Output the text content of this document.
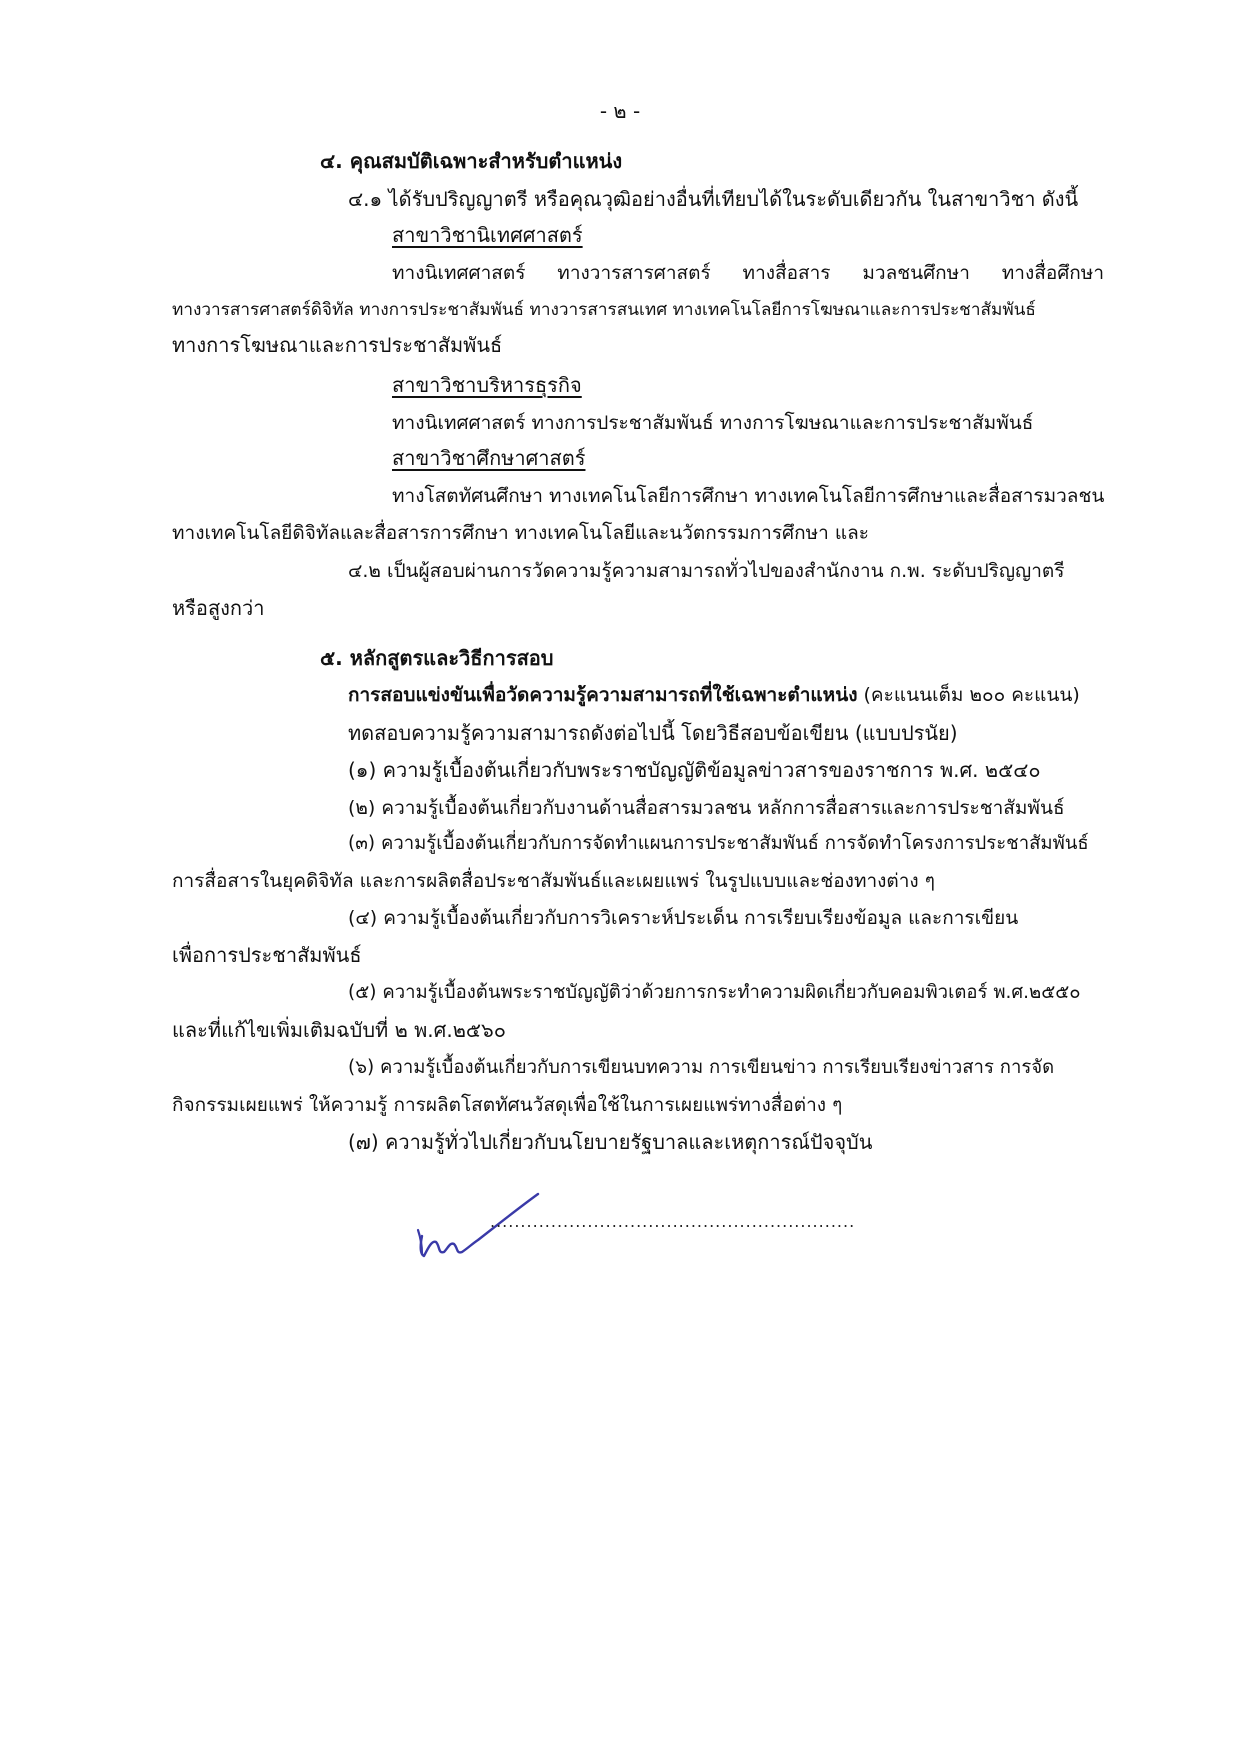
- ๒ -
๔. คุณสมบัติเฉพาะสำหรับตำแหน่ง
๔.๑ ได้รับปริญญาตรี หรือคุณวุฒิอย่างอื่นที่เทียบได้ในระดับเดียวกัน ในสาขาวิชา ดังนี้
สาขาวิชานิเทศศาสตร์
ทางนิเทศศาสตร์ ทางวารสารศาสตร์ ทางสื่อสาร มวลชนศึกษา ทางสื่อศึกษา
ทางวารสารศาสตร์ดิจิทัล ทางการประชาสัมพันธ์ ทางวารสารสนเทศ ทางเทคโนโลยีการโฆษณาและการประชาสัมพันธ์
ทางการโฆษณาและการประชาสัมพันธ์
สาขาวิชาบริหารธุรกิจ
ทางนิเทศศาสตร์ ทางการประชาสัมพันธ์ ทางการโฆษณาและการประชาสัมพันธ์
สาขาวิชาศึกษาศาสตร์
ทางโสตทัศนศึกษา ทางเทคโนโลยีการศึกษา ทางเทคโนโลยีการศึกษาและสื่อสารมวลชน
ทางเทคโนโลยีดิจิทัลและสื่อสารการศึกษา ทางเทคโนโลยีและนวัตกรรมการศึกษา และ
๔.๒ เป็นผู้สอบผ่านการวัดความรู้ความสามารถทั่วไปของสำนักงาน ก.พ. ระดับปริญญาตรี
หรือสูงกว่า
๕. หลักสูตรและวิธีการสอบ
การสอบแข่งขันเพื่อวัดความรู้ความสามารถที่ใช้เฉพาะตำแหน่ง (คะแนนเต็ม ๒๐๐ คะแนน)
ทดสอบความรู้ความสามารถดังต่อไปนี้ โดยวิธีสอบข้อเขียน (แบบปรนัย)
(๑) ความรู้เบื้องต้นเกี่ยวกับพระราชบัญญัติข้อมูลข่าวสารของราชการ พ.ศ. ๒๕๔๐
(๒) ความรู้เบื้องต้นเกี่ยวกับงานด้านสื่อสารมวลชน หลักการสื่อสารและการประชาสัมพันธ์
(๓) ความรู้เบื้องต้นเกี่ยวกับการจัดทำแผนการประชาสัมพันธ์ การจัดทำโครงการประชาสัมพันธ์
การสื่อสารในยุคดิจิทัล และการผลิตสื่อประชาสัมพันธ์และเผยแพร่ ในรูปแบบและช่องทางต่าง ๆ
(๔) ความรู้เบื้องต้นเกี่ยวกับการวิเคราะห์ประเด็น การเรียบเรียงข้อมูล และการเขียน
เพื่อการประชาสัมพันธ์
(๕) ความรู้เบื้องต้นพระราชบัญญัติว่าด้วยการกระทำความผิดเกี่ยวกับคอมพิวเตอร์ พ.ศ.๒๕๕๐
และที่แก้ไขเพิ่มเติมฉบับที่ ๒ พ.ศ.๒๕๖๐
(๖) ความรู้เบื้องต้นเกี่ยวกับการเขียนบทความ การเขียนข่าว การเรียบเรียงข่าวสาร การจัด
กิจกรรมเผยแพร่ ให้ความรู้ การผลิตโสตทัศนวัสดุเพื่อใช้ในการเผยแพร่ทางสื่อต่าง ๆ
(๗) ความรู้ทั่วไปเกี่ยวกับนโยบายรัฐบาลและเหตุการณ์ปัจจุบัน
............................................................
